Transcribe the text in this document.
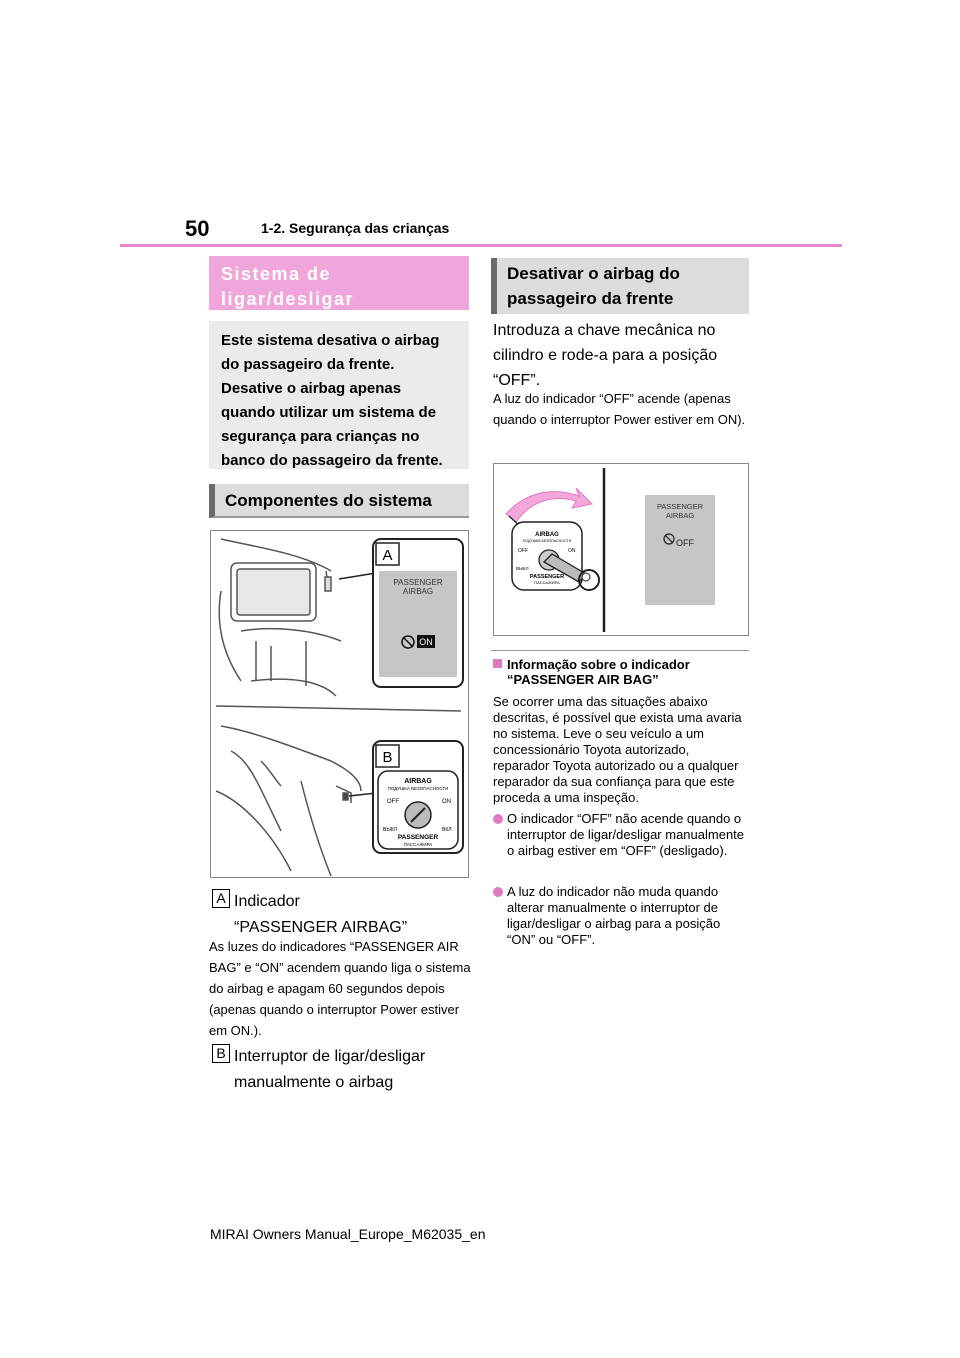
50	1-2. Segurança das crianças
Sistema de ligar/desligar
Este sistema desativa o airbag do passageiro da frente. Desative o airbag apenas quando utilizar um sistema de segurança para crianças no banco do passageiro da frente.
Componentes do sistema
A
PASSENGER
AIRBAG
ON
B
AIRBAG
ПОДУШКА БЕЗОПАСНОСТИ
OFF	ON
ВЫКЛ	ВКЛ
PASSENGER
ПАССАЖИРА
A Indicador
“PASSENGER AIRBAG”
As luzes do indicadores “PASSENGER AIR BAG” e “ON” acendem quando liga o sistema do airbag e apagam 60 segundos depois (apenas quando o interruptor Power estiver em ON.).
B Interruptor de ligar/desligar
manualmente o airbag
Desativar o airbag do passageiro da frente
Introduza a chave mecânica no cilindro e rode-a para a posição “OFF”.
A luz do indicador “OFF” acende (apenas quando o interruptor Power estiver em ON).
AIRBAG
ПОДУШКА БЕЗОПАСНОСТИ
OFF	ON
ВЫКЛ
PASSENGER
ПАССАЖИРА
PASSENGER
AIRBAG
OFF
Informação sobre o indicador
“PASSENGER AIR BAG”
Se ocorrer uma das situações abaixo descritas, é possível que exista uma avaria no sistema. Leve o seu veículo a um concessionário Toyota autorizado, reparador Toyota autorizado ou a qualquer reparador da sua confiança para que este proceda a uma inspeção.
O indicador “OFF” não acende quando o interruptor de ligar/desligar manualmente o airbag estiver em “OFF” (desligado).
A luz do indicador não muda quando alterar manualmente o interruptor de ligar/desligar o airbag para a posição “ON” ou “OFF”.
MIRAI Owners Manual_Europe_M62035_en
